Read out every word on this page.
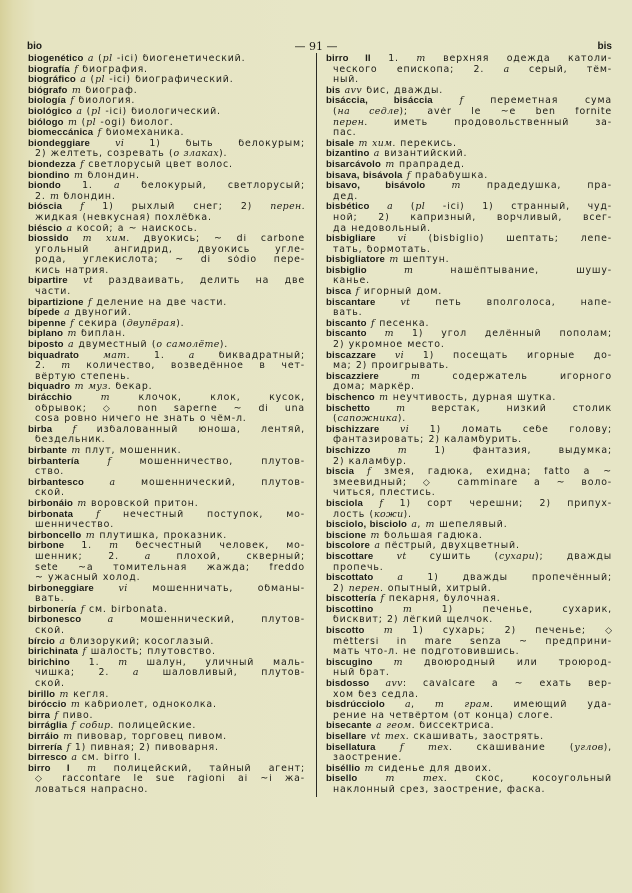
bio	— 91 —	bis
biogenético a (pl -ici) биогенетический.
biografía f биография.
biográfico a (pl -ici) биографический.
biógrafo m биограф.
biología f биология.
biológico a (pl -ici) биологический.
biólogo m (pl -ogi) биолог.
biomeccánica f биомеханика.
biondeggiare	vi 1) быть белокурым;
2) желтеть, созревать (о злаках).
biondezza f светлорусый цвет волос.
biondino m блондин.
biondo 1. a белокурый, светлорусый;
2. m блондин.
bióscia f 1) рыхлый снег; 2) перен.
жидкая (невкусная) похлёбка.
biéscio a косой; a ~ наискось.
biossido m хим. двуокись; ~ di carbone
угольный ангидрид, двуокись угле-
рода, углекислота; ~ di sódio пере-
кись натрия.
bipartire vt раздваивать, делить на две
части.
bipartizione f деление на две части.
bípede a двуногий.
bipenne f секира (двупёрая).
biplano m биплан.
biposto a двуместный (о самолёте).
biquadrato	мат. 1. a биквадратный;
2. m количество, возведённое в чет-
вёртую степень.
biquadro m муз. бекар.
birácchio	m клочок, клок, кусок,
обрывок; ◇ non saperne ~ di una
cosa ровно ничего не знать о чём-л.
birba f избалованный юноша, лентяй,
бездельник.
birbante m плут, мошенник.
birbantería	f мошенничество, плутов-
ство.
birbantesco	a мошеннический, плутов-
ской.
birbonáio m воровской притон.
birbonata f нечестный поступок, мо-
шенничество.
birboncello m плутишка, проказник.
birbone 1. m бесчестный человек, мо-
шенник; 2. a плохой, скверный;
sete ~a томительная жажда; freddo
~ ужасный холод.
birboneggiare	vi мошенничать, обманы-
вать.
birbonería f см. birbonata.
birbonesco	a мошеннический, плутов-
ской.
bírcio a близорукий; косоглазый.
birichinata f шалость; плутовство.
birichino 1. m шалун, уличный маль-
чишка; 2. a шаловливый, плутов-
ской.
birillo m кегля.
biróccio m кабриолет, одноколка.
birra f пиво.
birráglia f собир. полицейские.
birráio m пивовар, торговец пивом.
birrería f 1) пивная; 2) пивоварня.
birresco a см. birro I.
birro I m полицейский, тайный агент;
◇ raccontare le sue ragioni ai ~i жа-
ловаться напрасно.
birro II 1. m верхняя одежда католи-
ческого епископа; 2. a серый, тём-
ный.
bis avv бис, дважды.
bisáccia, bisáccia	f переметная сума
(на седле); avér le ~e ben fornite
перен. иметь продовольственный за-
пас.
bisale m хим. перекись.
bizantino a византийский.
bisarcávolo m прапрадед.
bisava, bisávola f прабабушка.
bisavo, bisávolo	m прадедушка, пра-
дед.
bisbético a (pl -ici) 1) странный, чуд-
ной; 2) капризный, ворчливый, всег-
да недовольный.
bisbigliare vi (bisbíglio) шептать; лепе-
тать, бормотать.
bisbigliatore m шептун.
bisbiglio	m нашёптывание, шушу-
канье.
bisca f игорный дом.
biscantare	vt петь вполголоса, напе-
вать.
biscanto f песенка.
biscanto m 1) угол делённый пополам;
2) укромное место.
biscazzare vi 1) посещать игорные до-
ма; 2) проигрывать.
biscazziere	m содержатель игорного
дома; маркёр.
bischenco m неучтивость, дурная шутка.
bischetto	m верстак, низкий столик
(сапожника).
bischizzare vi 1) ломать себе голову;
фантазировать; 2) каламбурить.
bischizzo	m 1) фантазия, выдумка;
2) каламбур.
biscia f змея, гадюка, ехидна; fatto a ~
змеевидный; ◇ camminare a ~ воло-
читься, плестись.
bisciola f 1) сорт черешни; 2) припух-
лость (кожи).
bisciolo, bisciolo a, m шепелявый.
biscione m большая гадюка.
biscolore a пёстрый, двухцветный.
biscottare vt сушить (сухари); дважды
пропечь.
biscottato	a 1) дважды пропечённый;
2) перен. опытный, хитрый.
biscottería f пекарня, булочная.
biscottino	m 1) печенье, сухарик,
бисквит; 2) лёгкий щелчок.
biscotto m 1) сухарь; 2) печенье; ◇
méttersi in mare senza ~ предприни-
мать что-л. не подготовившись.
biscugino m двоюродный или троюрод-
ный брат.
bisdosso avv: cavalcare a ~ ехать вер-
хом без седла.
bisdrúcciolo a, m грам. имеющий уда-
рение на четвёртом (от конца) слоге.
bisecante a геом. биссектриса.
bisellare vt тех. скашивать, заострять.
bisellatura	f	тех. скашивание (углов),
заострение.
biséllio m сиденье для двоих.
bisello	m	тех. скос, косоугольный
наклонный срез, заострение, фаска.
